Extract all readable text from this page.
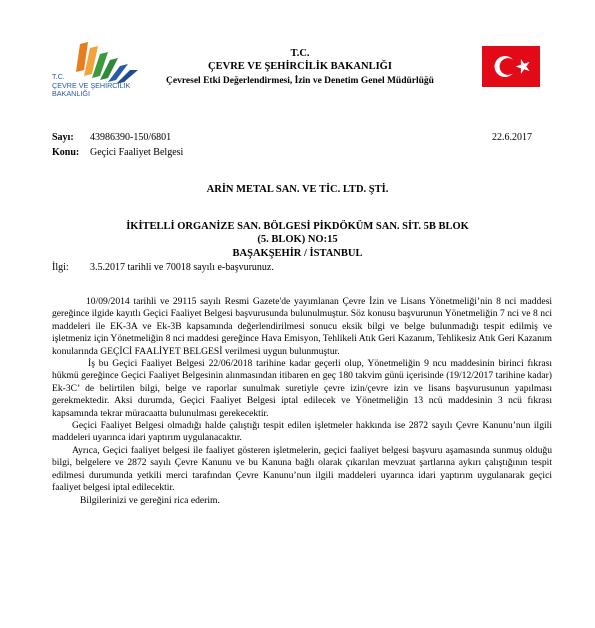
T.C.
ÇEVRE VE ŞEHİRCİLİK
BAKANLIĞI
T.C.
ÇEVRE VE ŞEHİRCİLİK BAKANLIĞI
Çevresel Etki Değerlendirmesi, İzin ve Denetim Genel Müdürlüğü
Sayı: 43986390-150/6801	22.6.2017
Konu: Geçici Faaliyet Belgesi
ARİN METAL SAN. VE TİC. LTD. ŞTİ.
İKİTELLİ ORGANİZE SAN. BÖLGESİ PİKDÖKÜM SAN. SİT. 5B BLOK
(5. BLOK) NO:15
BAŞAKŞEHİR / İSTANBUL
İlgi: 3.5.2017 tarihli ve 70018 sayılı e-başvurunuz.

10/09/2014 tarihli ve 29115 sayılı Resmi Gazete'de yayımlanan Çevre İzin ve Lisans Yönetmeliği’nin 8 nci maddesi gereğince ilgide kayıtlı Geçici Faaliyet Belgesi başvurusunda bulunulmuştur. Söz konusu başvurunun Yönetmeliğin 7 nci ve 8 nci maddeleri ile EK-3A ve Ek-3B kapsamında değerlendirilmesi sonucu eksik bilgi ve belge bulunmadığı tespit edilmiş ve işletmeniz için Yönetmeliğin 8 nci maddesi gereğince Hava Emisyon, Tehlikeli Atık Geri Kazanım, Tehlikesiz Atık Geri Kazanım konularında GEÇİCİ FAALİYET BELGESİ verilmesi uygun bulunmuştur.

İş bu Geçici Faaliyet Belgesi 22/06/2018 tarihine kadar geçerli olup, Yönetmeliğin 9 ncu maddesinin birinci fıkrası hükmü gereğince Geçici Faaliyet Belgesinin alınmasından itibaren en geç 180 takvim günü içerisinde (19/12/2017 tarihine kadar) Ek-3C’ de belirtilen bilgi, belge ve raporlar sunulmak suretiyle çevre izin/çevre izin ve lisans başvurusunun yapılması gerekmektedir. Aksi durumda, Geçici Faaliyet Belgesi iptal edilecek ve Yönetmeliğin 13 ncü maddesinin 3 ncü fıkrası kapsamında tekrar müracaatta bulunulması gerekecektir.

Geçici Faaliyet Belgesi olmadığı halde çalıştığı tespit edilen işletmeler hakkında ise 2872 sayılı Çevre Kanunu’nun ilgili maddeleri uyarınca idari yaptırım uygulanacaktır.

Ayrıca, Geçici faaliyet belgesi ile faaliyet gösteren işletmelerin, geçici faaliyet belgesi başvuru aşamasında sunmuş olduğu bilgi, belgelere ve 2872 sayılı Çevre Kanunu ve bu Kanuna bağlı olarak çıkarılan mevzuat şartlarına aykırı çalıştığının tespit edilmesi durumunda yetkili merci tarafından Çevre Kanunu’nun ilgili maddeleri uyarınca idari yaptırım uygulanarak geçici faaliyet belgesi iptal edilecektir.

Bilgilerinizi ve gereğini rica ederim.
